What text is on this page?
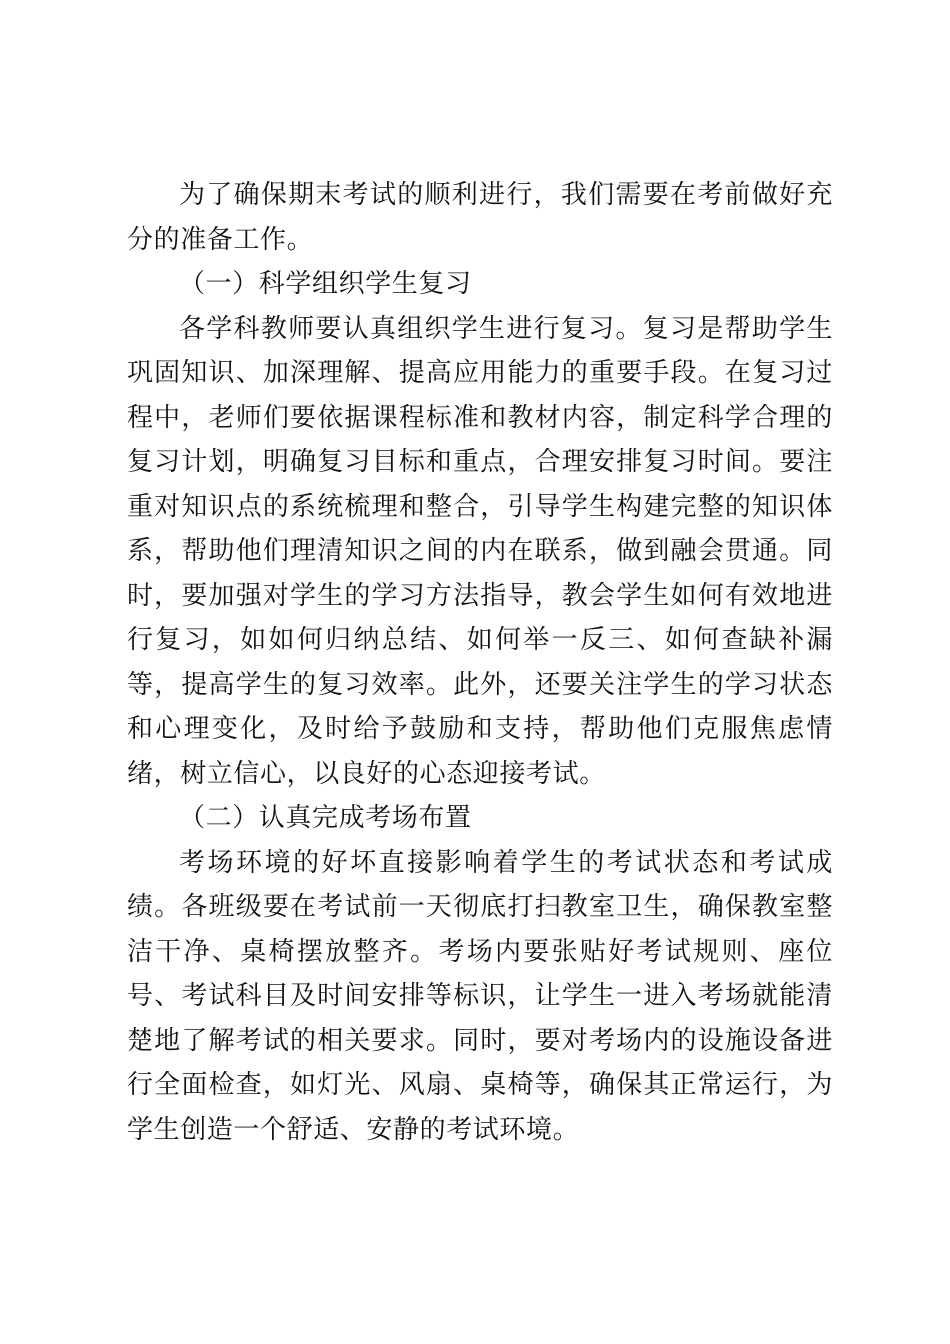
为了确保期末考试的顺利进行，我们需要在考前做好充分的准备工作。

（一）科学组织学生复习

各学科教师要认真组织学生进行复习。复习是帮助学生巩固知识、加深理解、提高应用能力的重要手段。在复习过程中，老师们要依据课程标准和教材内容，制定科学合理的复习计划，明确复习目标和重点，合理安排复习时间。要注重对知识点的系统梳理和整合，引导学生构建完整的知识体系，帮助他们理清知识之间的内在联系，做到融会贯通。同时，要加强对学生的学习方法指导，教会学生如何有效地进行复习，如如何归纳总结、如何举一反三、如何查缺补漏等，提高学生的复习效率。此外，还要关注学生的学习状态和心理变化，及时给予鼓励和支持，帮助他们克服焦虑情绪，树立信心，以良好的心态迎接考试。

（二）认真完成考场布置

考场环境的好坏直接影响着学生的考试状态和考试成绩。各班级要在考试前一天彻底打扫教室卫生，确保教室整洁干净、桌椅摆放整齐。考场内要张贴好考试规则、座位号、考试科目及时间安排等标识，让学生一进入考场就能清楚地了解考试的相关要求。同时，要对考场内的设施设备进行全面检查，如灯光、风扇、桌椅等，确保其正常运行，为学生创造一个舒适、安静的考试环境。
